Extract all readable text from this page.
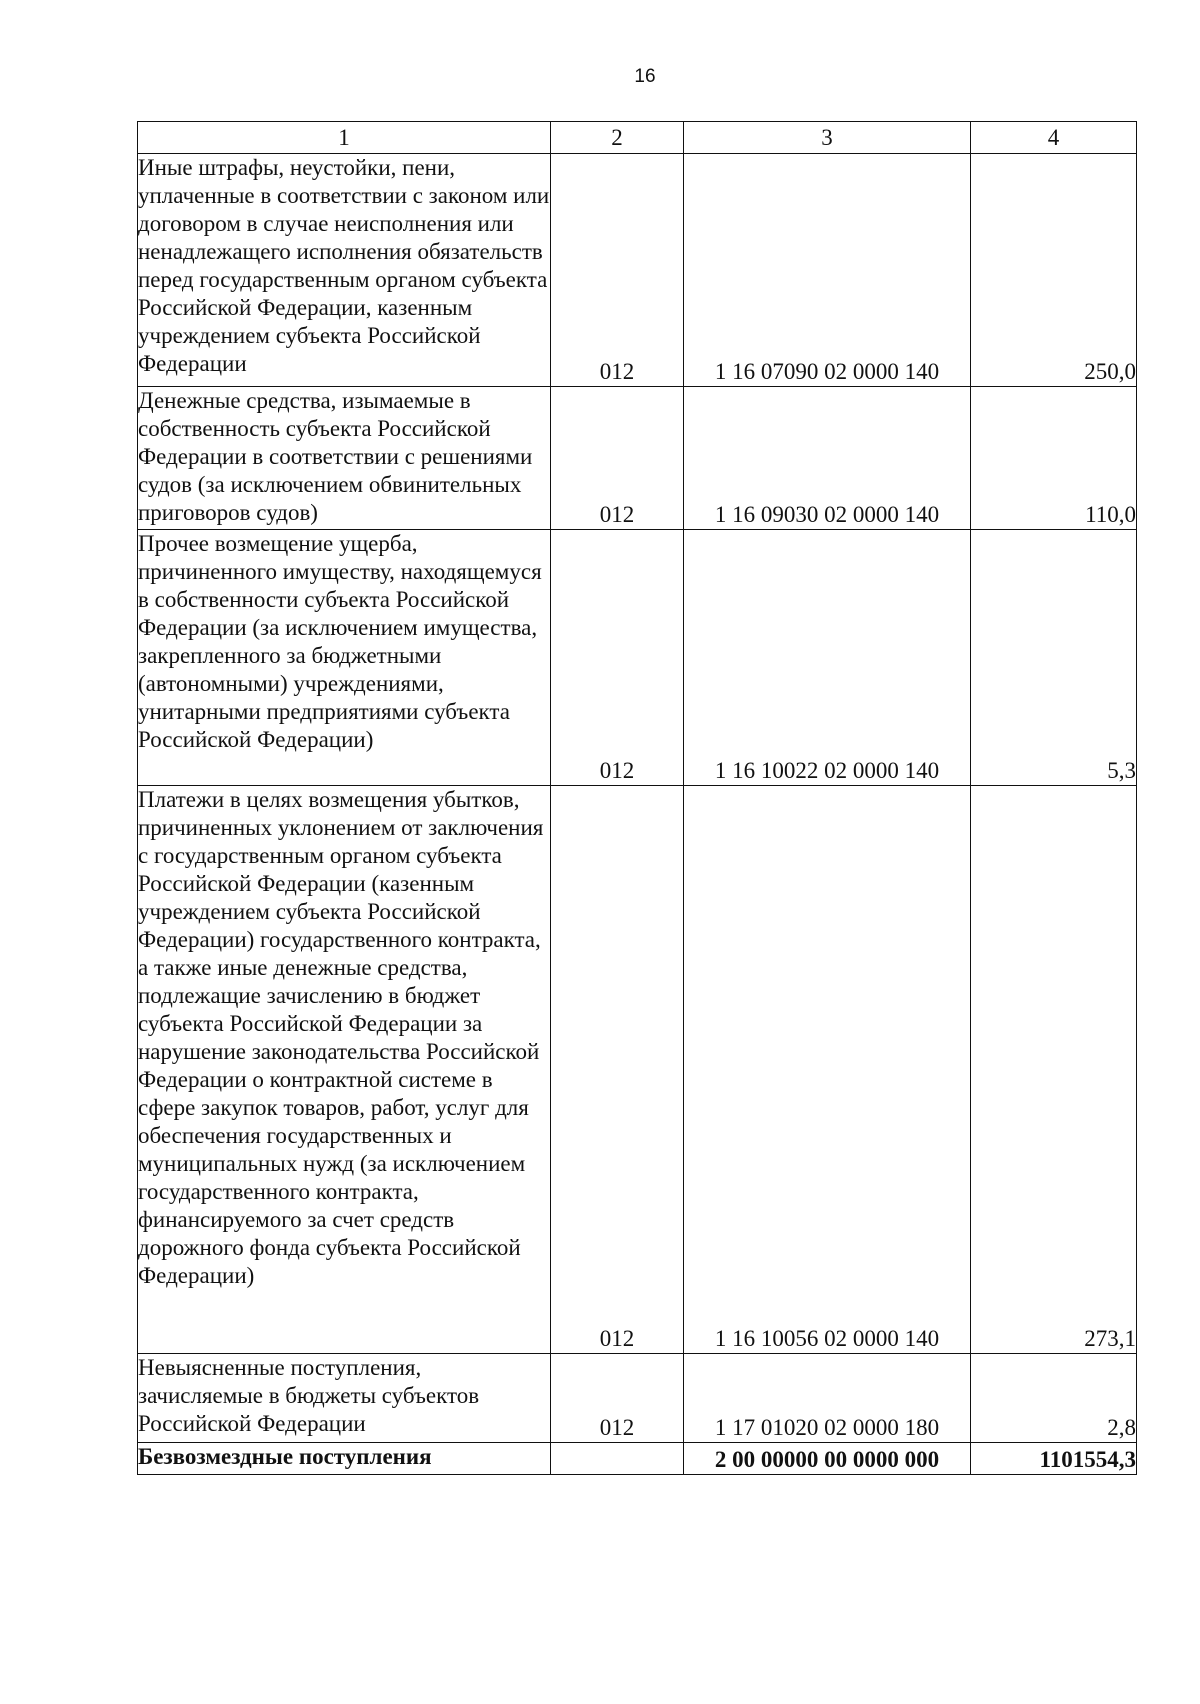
16
1	2	3	4
Иные штрафы, неустойки, пени, уплаченные в соответствии с законом или договором в случае неисполнения или ненадлежащего исполнения обязательств перед государственным органом субъекта Российской Федерации, казенным учреждением субъекта Российской Федерации	012	1 16 07090 02 0000 140	250,0
Денежные средства, изымаемые в собственность субъекта Российской Федерации в соответствии с решениями судов (за исключением обвинительных приговоров судов)	012	1 16 09030 02 0000 140	110,0
Прочее возмещение ущерба, причиненного имуществу, находящемуся в собственности субъекта Российской Федерации (за исключением имущества, закрепленного за бюджетными (автономными) учреждениями, унитарными предприятиями субъекта Российской Федерации)	012	1 16 10022 02 0000 140	5,3
Платежи в целях возмещения убытков, причиненных уклонением от заключения с государственным органом субъекта Российской Федерации (казенным учреждением субъекта Российской Федерации) государственного контракта, а также иные денежные средства, подлежащие зачислению в бюджет субъекта Российской Федерации за нарушение законодательства Российской Федерации о контрактной системе в сфере закупок товаров, работ, услуг для обеспечения государственных и муниципальных нужд (за исключением государственного контракта, финансируемого за счет средств дорожного фонда субъекта Российской Федерации)	012	1 16 10056 02 0000 140	273,1
Невыясненные поступления, зачисляемые в бюджеты субъектов Российской Федерации	012	1 17 01020 02 0000 180	2,8
Безвозмездные поступления		2 00 00000 00 0000 000	1101554,3
